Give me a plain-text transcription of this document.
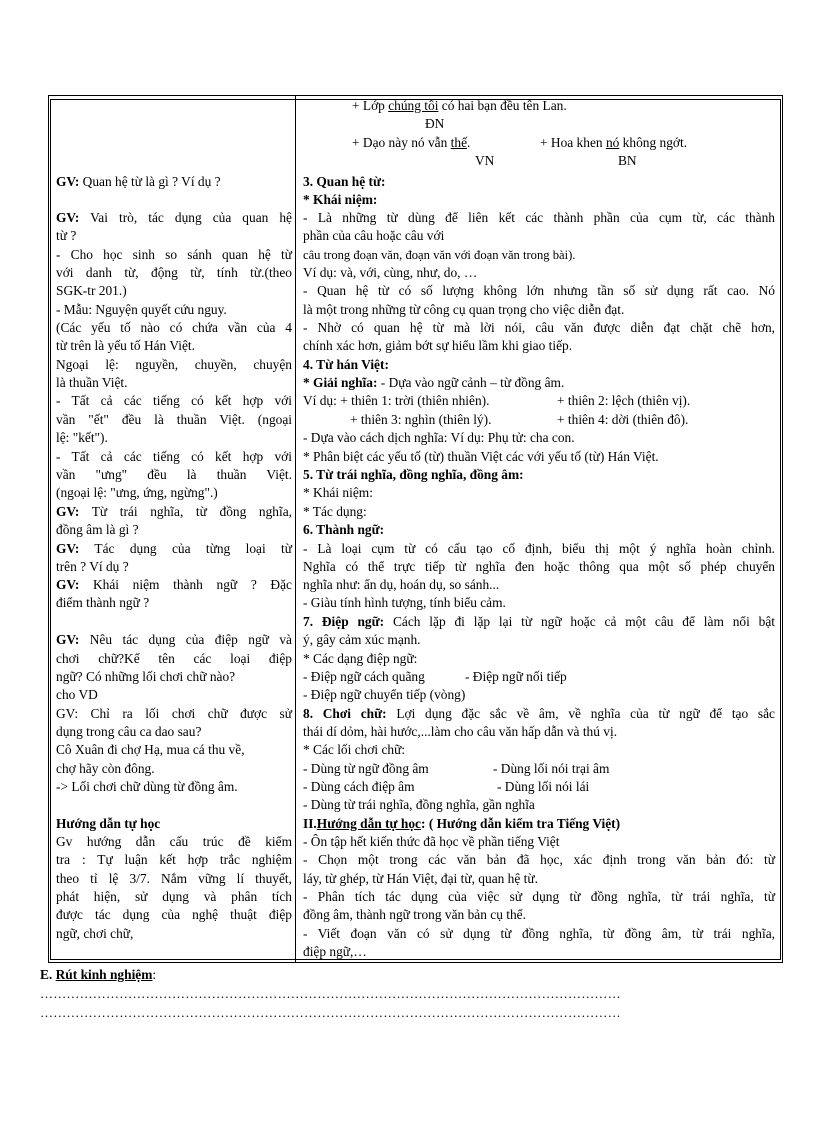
+ Lớp chúng tôi có hai bạn đều tên Lan.
ĐN
+ Dạo này nó vẫn thế.	+ Hoa khen nó không ngớt.
VN	BN
GV: Quan hệ từ là gì ? Ví dụ ?
GV: Vai trò, tác dụng của quan hệ
từ ?
- Cho học sinh so sánh quan hệ từ
với danh từ, động từ, tính từ.(theo
SGK-tr 201.)
- Mẫu: Nguyện quyết cứu nguy.
(Các yếu tố nào có chứa vần của 4
từ trên là yếu tố Hán Việt.
Ngoại lệ: nguyền, chuyền, chuyện
là thuần Việt.
- Tất cả các tiếng có kết hợp với
vần "ết" đều là thuần Việt. (ngoại
lệ: "kết").
- Tất cả các tiếng có kết hợp với
vần "ưng" đều là thuần Việt.
(ngoại lệ: "ưng, ứng, ngừng".)
GV: Từ trái nghĩa, từ đồng nghĩa,
đồng âm là gì ?
GV: Tác dụng của từng loại từ
trên ? Ví dụ ?
GV: Khái niệm thành ngữ ? Đặc
điểm thành ngữ ?
GV: Nêu tác dụng của điệp ngữ và
chơi chữ?Kể tên các loại điệp
ngữ? Có những lối chơi chữ nào?
cho VD
GV: Chỉ ra lối chơi chữ được sử
dụng trong câu ca dao sau?
Cô Xuân đi chợ Hạ, mua cá thu về,
chợ hãy còn đông.
-> Lối chơi chữ dùng từ đồng âm.
Hướng dẫn tự học
Gv hướng dẫn cấu trúc đề kiểm
tra : Tự luận kết hợp trắc nghiệm
theo tỉ lệ 3/7. Nắm vững lí thuyết,
phát hiện, sử dụng và phân tích
được tác dụng của nghệ thuật điệp
ngữ, chơi chữ,
3. Quan hệ từ:
* Khái niệm:
- Là những từ dùng để liên kết các thành phần của cụm từ, các thành
phần của câu hoặc câu với
câu trong đoạn văn, đoạn văn với đoạn văn trong bài).
Ví dụ: và, với, cùng, như, do, …
- Quan hệ từ có số lượng không lớn nhưng tần số sử dụng rất cao. Nó
là một trong những từ công cụ quan trọng cho việc diễn đạt.
- Nhờ có quan hệ từ mà lời nói, câu văn được diễn đạt chặt chẽ hơn,
chính xác hơn, giảm bớt sự hiểu lầm khi giao tiếp.
4. Từ hán Việt:
* Giải nghĩa: - Dựa vào ngữ cảnh – từ đồng âm.
Ví dụ: + thiên 1: trời (thiên nhiên).	+ thiên 2: lệch (thiên vị).
+ thiên 3: nghìn (thiên lý).	+ thiên 4: dời (thiên đô).
- Dựa vào cách dịch nghĩa: Ví dụ: Phụ tử: cha con.
* Phân biệt các yếu tố (từ) thuần Việt các với yếu tố (từ) Hán Việt.
5. Từ trái nghĩa, đồng nghĩa, đồng âm:
* Khái niệm:
* Tác dụng:
6. Thành ngữ:
- Là loại cụm từ có cấu tạo cố định, biểu thị một ý nghĩa hoàn chỉnh.
Nghĩa có thể trực tiếp từ nghĩa đen hoặc thông qua một số phép chuyển
nghĩa như: ẩn dụ, hoán dụ, so sánh...
- Giàu tính hình tượng, tính biểu cảm.
7. Điệp ngữ: Cách lặp đi lặp lại từ ngữ hoặc cả một câu để làm nổi bật
ý, gây cảm xúc mạnh.
* Các dạng điệp ngữ:
- Điệp ngữ cách quãng	- Điệp ngữ nối tiếp
- Điệp ngữ chuyển tiếp (vòng)
8. Chơi chữ: Lợi dụng đặc sắc về âm, về nghĩa của từ ngữ để tạo sắc
thái dí dỏm, hài hước,...làm cho câu văn hấp dẫn và thú vị.
* Các lối chơi chữ:
- Dùng từ ngữ đồng âm	- Dùng lối nói trại âm
- Dùng cách điệp âm	- Dùng lối nói lái
- Dùng từ trái nghĩa, đồng nghĩa, gần nghĩa
II.Hướng dẫn tự học: ( Hướng dẫn kiểm tra Tiếng Việt)
- Ôn tập hết kiến thức đã học về phần tiếng Việt
- Chọn một trong các văn bản đã học, xác định trong văn bản đó: từ
láy, từ ghép, từ Hán Việt, đại từ, quan hệ từ.
- Phân tích tác dụng của việc sử dụng từ đồng nghĩa, từ trái nghĩa, từ
đồng âm, thành ngữ trong văn bản cụ thể.
- Viết đoạn văn có sử dụng từ đồng nghĩa, từ đồng âm, từ trái nghĩa,
điệp ngữ,…
E. Rút kinh nghiệm:
……………………………………………………………………………………………………………………
……………………………………………………………………………………………………………………
